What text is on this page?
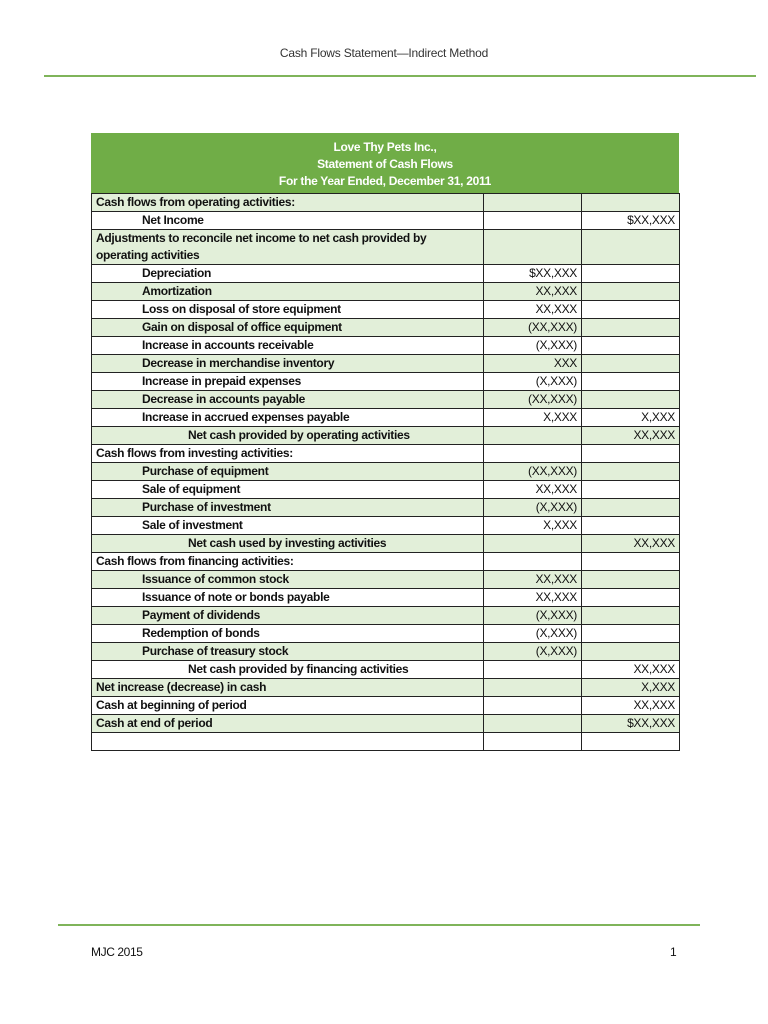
Cash Flows Statement—Indirect Method
Love Thy Pets Inc.,
Statement of Cash Flows
For the Year Ended, December 31, 2011
Cash flows from operating activities:		
Net Income		$XX,XXX
Adjustments to reconcile net income to net cash provided by operating activities		
Depreciation	$XX,XXX	
Amortization	XX,XXX	
Loss on disposal of store equipment	XX,XXX	
Gain on disposal of office equipment	(XX,XXX)	
Increase in accounts receivable	(X,XXX)	
Decrease in merchandise inventory	XXX	
Increase in prepaid expenses	(X,XXX)	
Decrease in accounts payable	(XX,XXX)	
Increase in accrued expenses payable	X,XXX	X,XXX
Net cash provided by operating activities		XX,XXX
Cash flows from investing activities:		
Purchase of equipment	(XX,XXX)	
Sale of equipment	XX,XXX	
Purchase of investment	(X,XXX)	
Sale of investment	X,XXX	
Net cash used by investing activities		XX,XXX
Cash flows from financing activities:		
Issuance of common stock	XX,XXX	
Issuance of note or bonds payable	XX,XXX	
Payment of dividends	(X,XXX)	
Redemption of bonds	(X,XXX)	
Purchase of treasury stock	(X,XXX)	
Net cash provided by financing activities		XX,XXX
Net increase (decrease) in cash		X,XXX
Cash at beginning of period		XX,XXX
Cash at end of period		$XX,XXX

MJC 2015	1
